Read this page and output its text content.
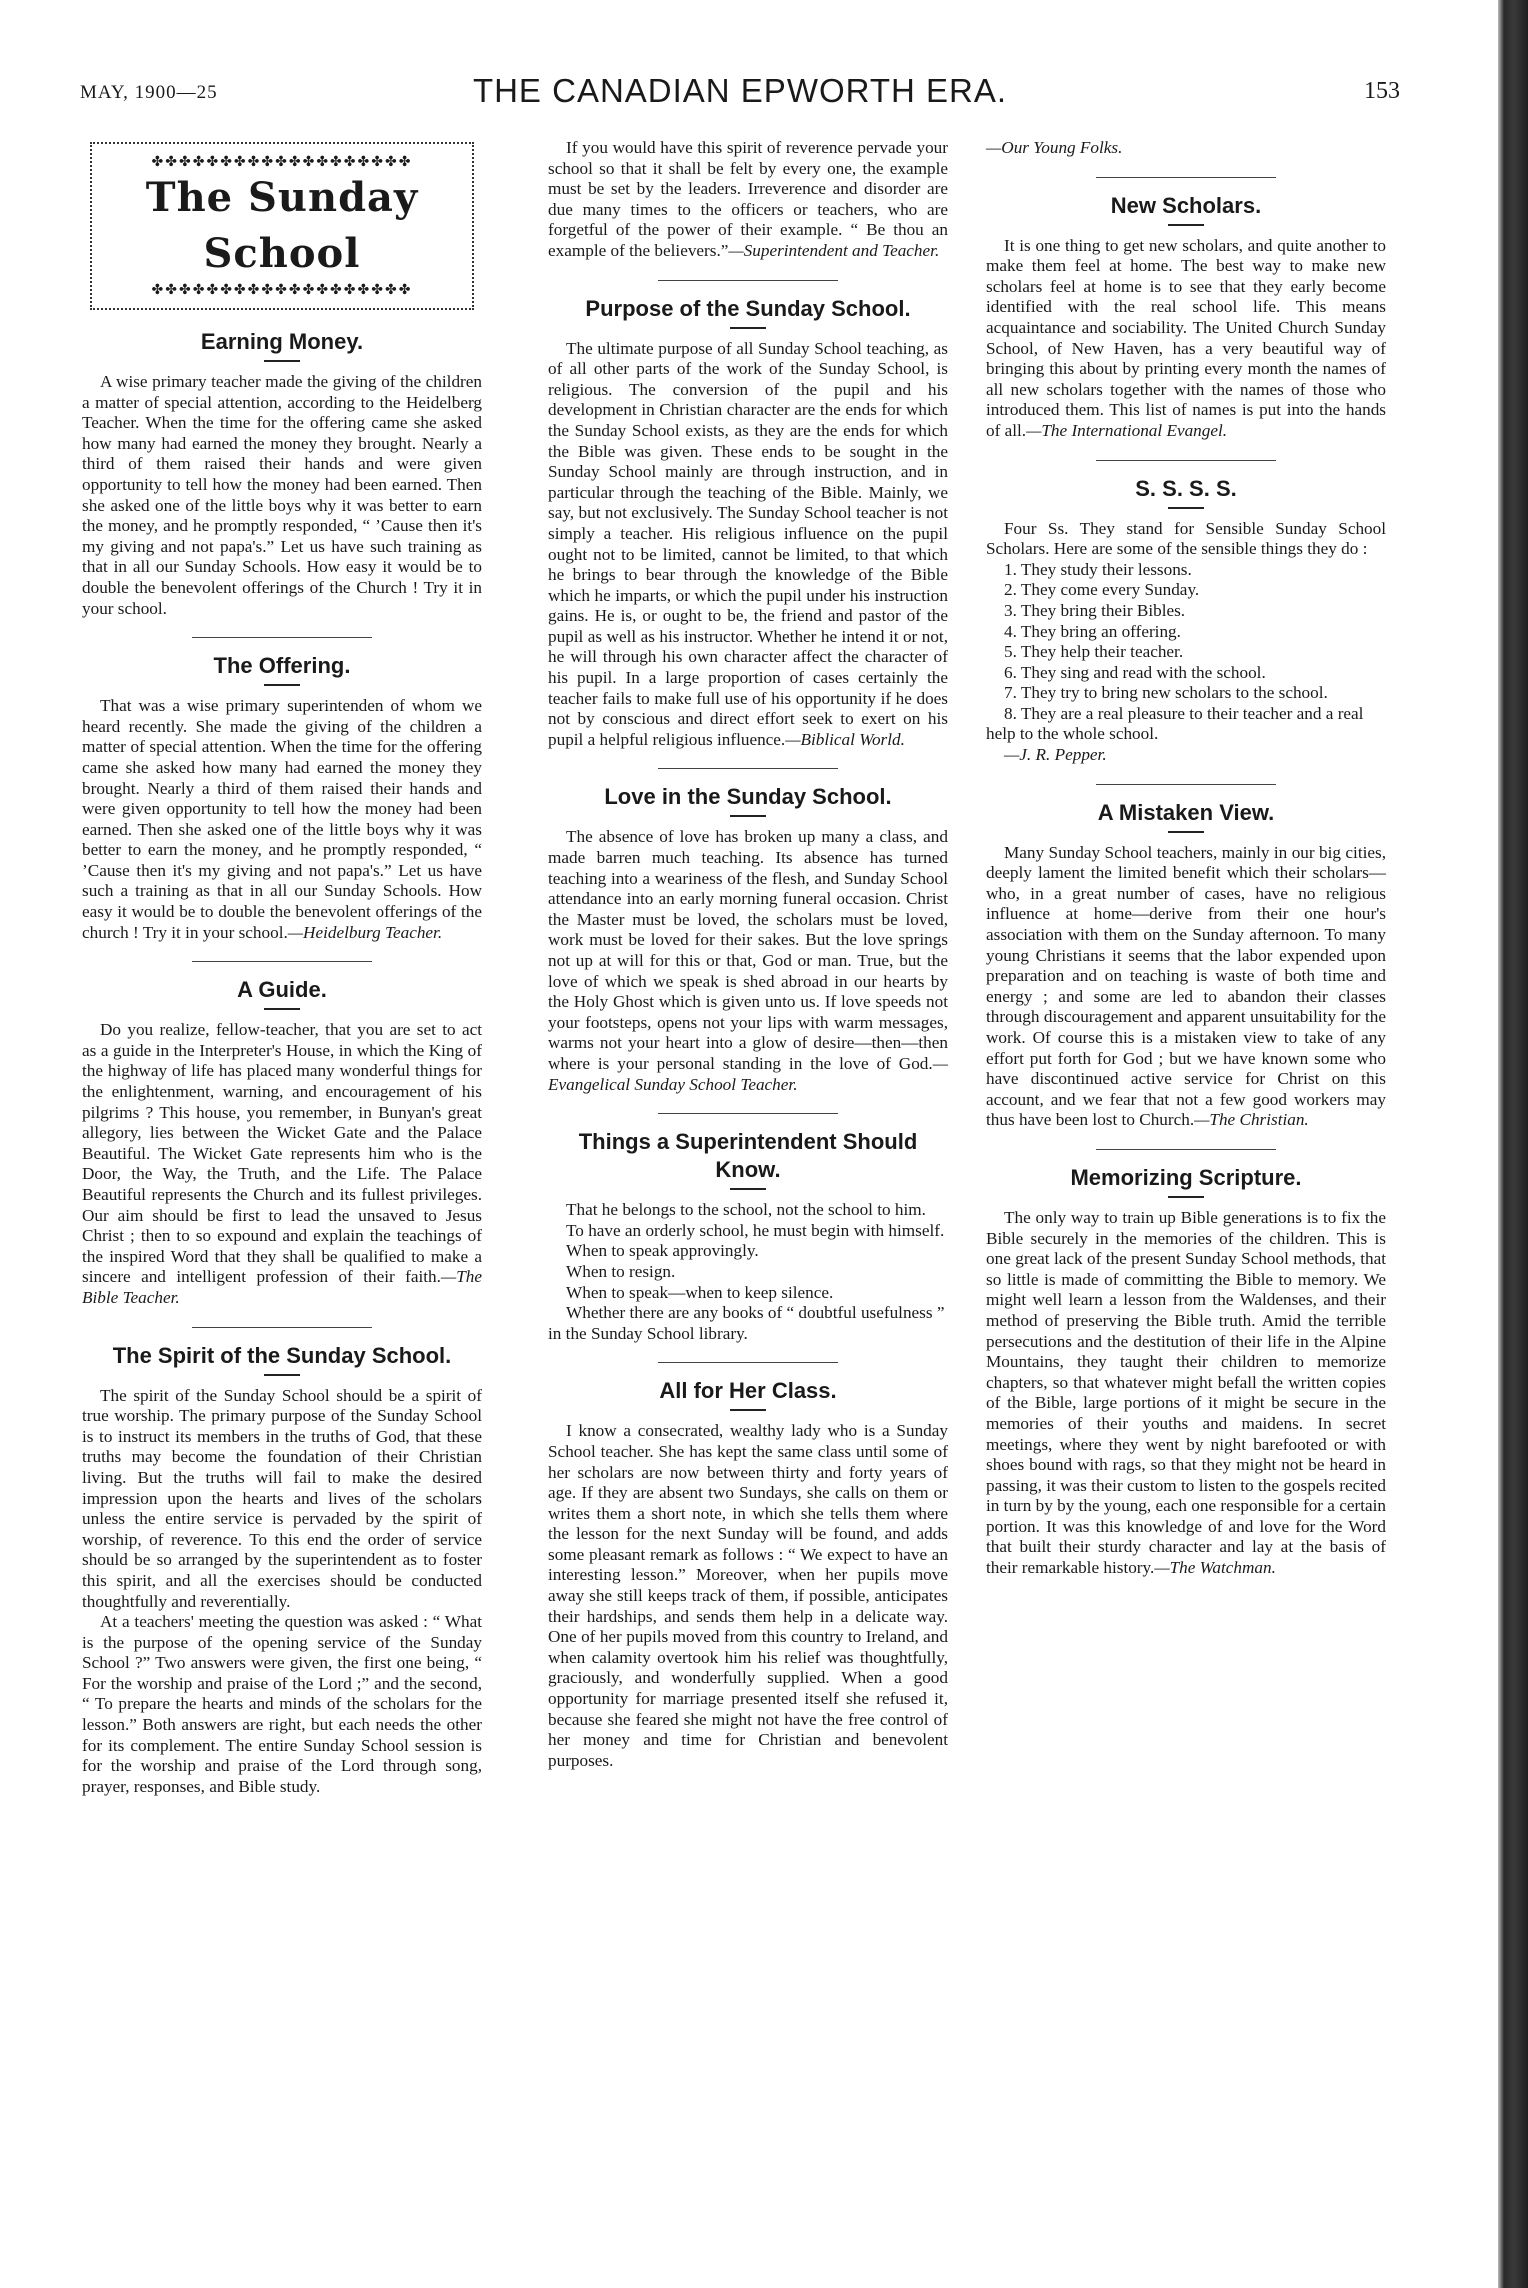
MAY, 1900—25	THE CANADIAN EPWORTH ERA.	153
✤✤✤✤✤✤✤✤✤✤✤✤✤✤✤✤✤✤✤
The Sunday School
✤✤✤✤✤✤✤✤✤✤✤✤✤✤✤✤✤✤✤
Earning Money.

A wise primary teacher made the giving of the children a matter of special attention, according to the Heidelberg Teacher. When the time for the offering came she asked how many had earned the money they brought. Nearly a third of them raised their hands and were given opportunity to tell how the money had been earned. Then she asked one of the little boys why it was better to earn the money, and he promptly responded, “ ’Cause then it's my giving and not papa's.” Let us have such training as that in all our Sunday Schools. How easy it would be to double the benevolent offerings of the Church ! Try it in your school.

The Offering.

That was a wise primary superintenden of whom we heard recently. She made the giving of the children a matter of special attention. When the time for the offering came she asked how many had earned the money they brought. Nearly a third of them raised their hands and were given opportunity to tell how the money had been earned. Then she asked one of the little boys why it was better to earn the money, and he promptly responded, “ ’Cause then it's my giving and not papa's.” Let us have such a training as that in all our Sunday Schools. How easy it would be to double the benevolent offerings of the church ! Try it in your school.—Heidelburg Teacher.

A Guide.

Do you realize, fellow-teacher, that you are set to act as a guide in the Interpreter's House, in which the King of the highway of life has placed many wonderful things for the enlightenment, warning, and encouragement of his pilgrims ? This house, you remember, in Bunyan's great allegory, lies between the Wicket Gate and the Palace Beautiful. The Wicket Gate represents him who is the Door, the Way, the Truth, and the Life. The Palace Beautiful represents the Church and its fullest privileges. Our aim should be first to lead the unsaved to Jesus Christ ; then to so expound and explain the teachings of the inspired Word that they shall be qualified to make a sincere and intelligent profession of their faith.—The Bible Teacher.

The Spirit of the Sunday School.

The spirit of the Sunday School should be a spirit of true worship. The primary purpose of the Sunday School is to instruct its members in the truths of God, that these truths may become the foundation of their Christian living. But the truths will fail to make the desired impression upon the hearts and lives of the scholars unless the entire service is pervaded by the spirit of worship, of reverence. To this end the order of service should be so arranged by the superintendent as to foster this spirit, and all the exercises should be conducted thoughtfully and reverentially.

At a teachers' meeting the question was asked : “ What is the purpose of the opening service of the Sunday School ?” Two answers were given, the first one being, “ For the worship and praise of the Lord ;” and the second, “ To prepare the hearts and minds of the scholars for the lesson.” Both answers are right, but each needs the other for its complement. The entire Sunday School session is for the worship and praise of the Lord through song, prayer, responses, and Bible study.

If you would have this spirit of reverence pervade your school so that it shall be felt by every one, the example must be set by the leaders. Irreverence and disorder are due many times to the officers or teachers, who are forgetful of the power of their example. “ Be thou an example of the believers.”—Superintendent and Teacher.

Purpose of the Sunday School.

The ultimate purpose of all Sunday School teaching, as of all other parts of the work of the Sunday School, is religious. The conversion of the pupil and his development in Christian character are the ends for which the Sunday School exists, as they are the ends for which the Bible was given. These ends to be sought in the Sunday School mainly are through instruction, and in particular through the teaching of the Bible. Mainly, we say, but not exclusively. The Sunday School teacher is not simply a teacher. His religious influence on the pupil ought not to be limited, cannot be limited, to that which he brings to bear through the knowledge of the Bible which he imparts, or which the pupil under his instruction gains. He is, or ought to be, the friend and pastor of the pupil as well as his instructor. Whether he intend it or not, he will through his own character affect the character of his pupil. In a large proportion of cases certainly the teacher fails to make full use of his opportunity if he does not by conscious and direct effort seek to exert on his pupil a helpful religious influence.—Biblical World.

Love in the Sunday School.

The absence of love has broken up many a class, and made barren much teaching. Its absence has turned teaching into a weariness of the flesh, and Sunday School attendance into an early morning funeral occasion. Christ the Master must be loved, the scholars must be loved, work must be loved for their sakes. But the love springs not up at will for this or that, God or man. True, but the love of which we speak is shed abroad in our hearts by the Holy Ghost which is given unto us. If love speeds not your footsteps, opens not your lips with warm messages, warms not your heart into a glow of desire—then—then where is your personal standing in the love of God.—Evangelical Sunday School Teacher.

Things a Superintendent Should Know.

That he belongs to the school, not the school to him.

To have an orderly school, he must begin with himself.

When to speak approvingly.

When to resign.

When to speak—when to keep silence.

Whether there are any books of “ doubtful usefulness ” in the Sunday School library.

All for Her Class.

I know a consecrated, wealthy lady who is a Sunday School teacher. She has kept the same class until some of her scholars are now between thirty and forty years of age. If they are absent two Sundays, she calls on them or writes them a short note, in which she tells them where the lesson for the next Sunday will be found, and adds some pleasant remark as follows : “ We expect to have an interesting lesson.” Moreover, when her pupils move away she still keeps track of them, if possible, anticipates their hardships, and sends them help in a delicate way. One of her pupils moved from this country to Ireland, and when calamity overtook him his relief was thoughtfully, graciously, and wonderfully supplied. When a good opportunity for marriage presented itself she refused it, because she feared she might not have the free control of her money and time for Christian and benevolent purposes.

—Our Young Folks.

New Scholars.

It is one thing to get new scholars, and quite another to make them feel at home. The best way to make new scholars feel at home is to see that they early become identified with the real school life. This means acquaintance and sociability. The United Church Sunday School, of New Haven, has a very beautiful way of bringing this about by printing every month the names of all new scholars together with the names of those who introduced them. This list of names is put into the hands of all.—The International Evangel.

S. S. S. S.

Four Ss. They stand for Sensible Sunday School Scholars. Here are some of the sensible things they do :

1. They study their lessons.

2. They come every Sunday.

3. They bring their Bibles.

4. They bring an offering.

5. They help their teacher.

6. They sing and read with the school.

7. They try to bring new scholars to the school.

8. They are a real pleasure to their teacher and a real help to the whole school.

—J. R. Pepper.

A Mistaken View.

Many Sunday School teachers, mainly in our big cities, deeply lament the limited benefit which their scholars—who, in a great number of cases, have no religious influence at home—derive from their one hour's association with them on the Sunday afternoon. To many young Christians it seems that the labor expended upon preparation and on teaching is waste of both time and energy ; and some are led to abandon their classes through discouragement and apparent unsuitability for the work. Of course this is a mistaken view to take of any effort put forth for God ; but we have known some who have discontinued active service for Christ on this account, and we fear that not a few good workers may thus have been lost to Church.—The Christian.

Memorizing Scripture.

The only way to train up Bible generations is to fix the Bible securely in the memories of the children. This is one great lack of the present Sunday School methods, that so little is made of committing the Bible to memory. We might well learn a lesson from the Waldenses, and their method of preserving the Bible truth. Amid the terrible persecutions and the destitution of their life in the Alpine Mountains, they taught their children to memorize chapters, so that whatever might befall the written copies of the Bible, large portions of it might be secure in the memories of their youths and maidens. In secret meetings, where they went by night barefooted or with shoes bound with rags, so that they might not be heard in passing, it was their custom to listen to the gospels recited in turn by by the young, each one responsible for a certain portion. It was this knowledge of and love for the Word that built their sturdy character and lay at the basis of their remarkable history.—The Watchman.
